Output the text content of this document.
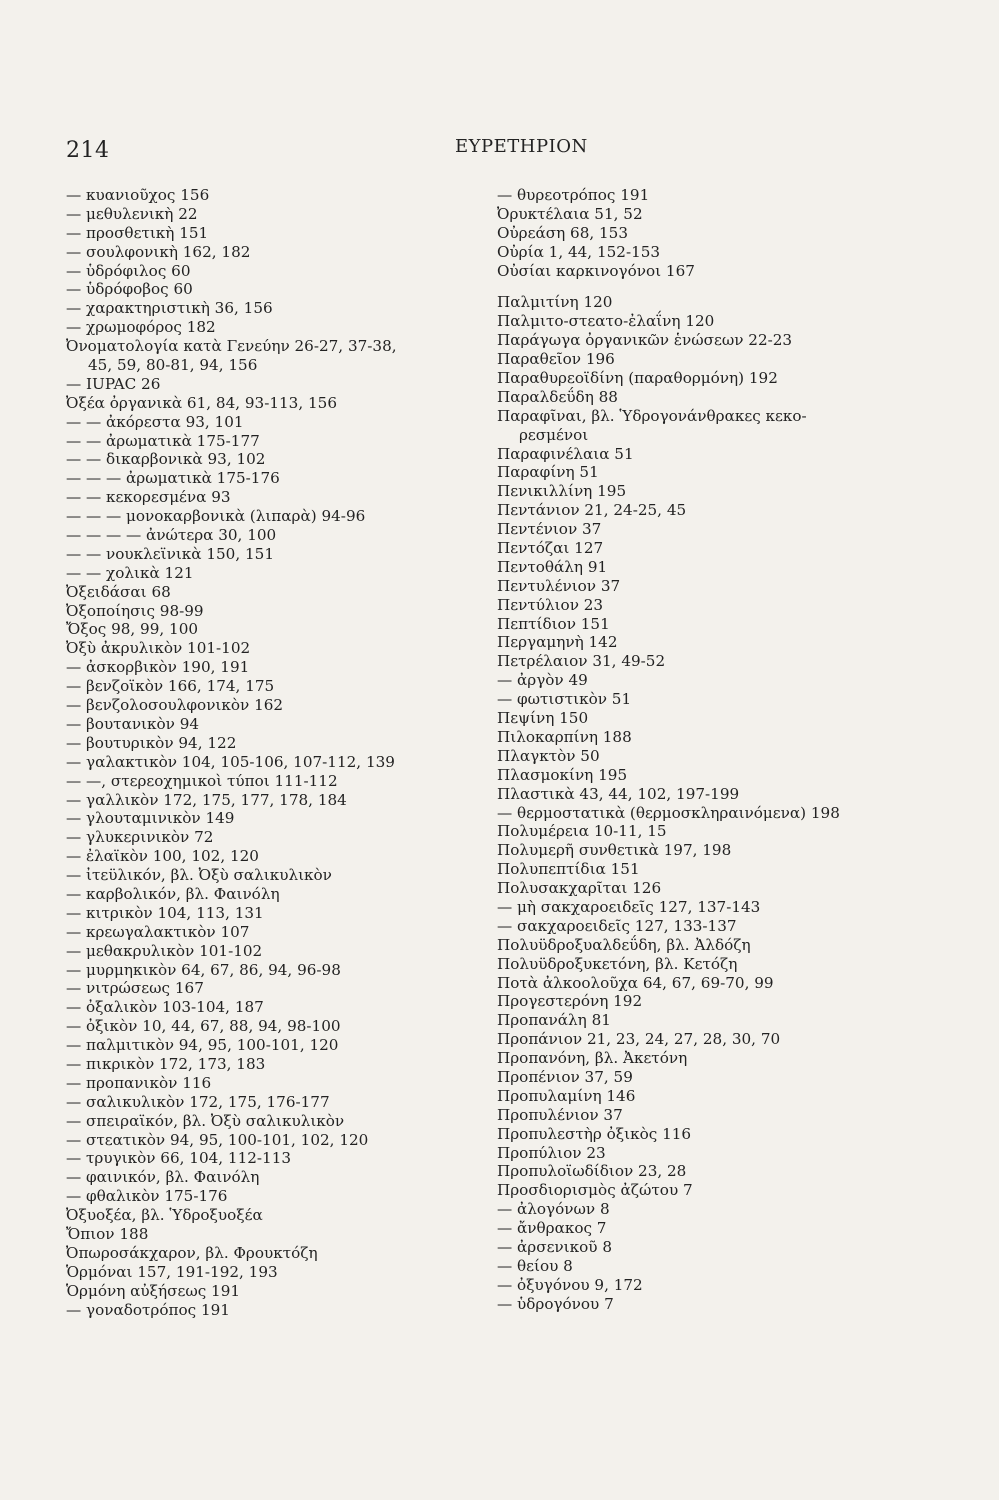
214	ΕΥΡΕΤΗΡΙΟΝ
— κυανιοῦχος 156
— μεθυλενικὴ 22
— προσθετικὴ 151
— σουλφονικὴ 162, 182
— ὑδρόφιλος 60
— ὑδρόφοβος 60
— χαρακτηριστικὴ 36, 156
— χρωμοφόρος 182
Ὀνοματολογία κατὰ Γενεύην 26-27, 37-38,
45, 59, 80-81, 94, 156
— IUPAC 26
Ὀξέα ὀργανικὰ 61, 84, 93-113, 156
— — ἀκόρεστα 93, 101
— — ἀρωματικὰ 175-177
— — δικαρβονικὰ 93, 102
— — — ἀρωματικὰ 175-176
— — κεκορεσμένα 93
— — — μονοκαρβονικὰ (λιπαρὰ) 94-96
— — — — ἀνώτερα 30, 100
— — νουκλεϊνικὰ 150, 151
— — χολικὰ 121
Ὀξειδάσαι 68
Ὀξοποίησις 98-99
Ὄξος 98, 99, 100
Ὀξὺ ἀκρυλικὸν 101-102
— ἀσκορβικὸν 190, 191
— βενζοϊκὸν 166, 174, 175
— βενζολοσουλφονικὸν 162
— βουτανικὸν 94
— βουτυρικὸν 94, 122
— γαλακτικὸν 104, 105-106, 107-112, 139
— —, στερεοχημικοὶ τύποι 111-112
— γαλλικὸν 172, 175, 177, 178, 184
— γλουταμινικὸν 149
— γλυκερινικὸν 72
— ἐλαϊκὸν 100, 102, 120
— ἰτεϋλικόν, βλ. Ὀξὺ σαλικυλικὸν
— καρβολικόν, βλ. Φαινόλη
— κιτρικὸν 104, 113, 131
— κρεωγαλακτικὸν 107
— μεθακρυλικὸν 101-102
— μυρμηκικὸν 64, 67, 86, 94, 96-98
— νιτρώσεως 167
— ὀξαλικὸν 103-104, 187
— ὀξικὸν 10, 44, 67, 88, 94, 98-100
— παλμιτικὸν 94, 95, 100-101, 120
— πικρικὸν 172, 173, 183
— προπανικὸν 116
— σαλικυλικὸν 172, 175, 176-177
— σπειραϊκόν, βλ. Ὀξὺ σαλικυλικὸν
— στεατικὸν 94, 95, 100-101, 102, 120
— τρυγικὸν 66, 104, 112-113
— φαινικόν, βλ. Φαινόλη
— φθαλικὸν 175-176
Ὀξυοξέα, βλ. Ὑδροξυοξέα
Ὄπιον 188
Ὀπωροσάκχαρον, βλ. Φρουκτόζη
Ὁρμόναι 157, 191-192, 193
Ὁρμόνη αὐξήσεως 191
— γοναδοτρόπος 191
— θυρεοτρόπος 191
Ὀρυκτέλαια 51, 52
Οὐρεάση 68, 153
Οὐρία 1, 44, 152-153
Οὐσίαι καρκινογόνοι 167
Παλμιτίνη 120
Παλμιτο-στεατο-ἐλαΐνη 120
Παράγωγα ὀργανικῶν ἑνώσεων 22-23
Παραθεῖον 196
Παραθυρεοϊδίνη (παραθορμόνη) 192
Παραλδεΰδη 88
Παραφῖναι, βλ. Ὑδρογονάνθρακες κεκο-
ρεσμένοι
Παραφινέλαια 51
Παραφίνη 51
Πενικιλλίνη 195
Πεντάνιον 21, 24-25, 45
Πεντένιον 37
Πεντόζαι 127
Πεντοθάλη 91
Πεντυλένιον 37
Πεντύλιον 23
Πεπτίδιον 151
Περγαμηνὴ 142
Πετρέλαιον 31, 49-52
— ἀργὸν 49
— φωτιστικὸν 51
Πεψίνη 150
Πιλοκαρπίνη 188
Πλαγκτὸν 50
Πλασμοκίνη 195
Πλαστικὰ 43, 44, 102, 197-199
— θερμοστατικὰ (θερμοσκληραινόμενα) 198
Πολυμέρεια 10-11, 15
Πολυμερῆ συνθετικὰ 197, 198
Πολυπεπτίδια 151
Πολυσακχαρῖται 126
— μὴ σακχαροειδεῖς 127, 137-143
— σακχαροειδεῖς 127, 133-137
Πολυϋδροξυαλδεΰδη, βλ. Ἀλδόζη
Πολυϋδροξυκετόνη, βλ. Κετόζη
Ποτὰ ἀλκοολοῦχα 64, 67, 69-70, 99
Προγεστερόνη 192
Προπανάλη 81
Προπάνιον 21, 23, 24, 27, 28, 30, 70
Προπανόνη, βλ. Ἀκετόνη
Προπένιον 37, 59
Προπυλαμίνη 146
Προπυλένιον 37
Προπυλεστὴρ ὀξικὸς 116
Προπύλιον 23
Προπυλοϊωδίδιον 23, 28
Προσδιορισμὸς ἀζώτου 7
— ἀλογόνων 8
— ἄνθρακος 7
— ἀρσενικοῦ 8
— θείου 8
— ὀξυγόνου 9, 172
— ὑδρογόνου 7
